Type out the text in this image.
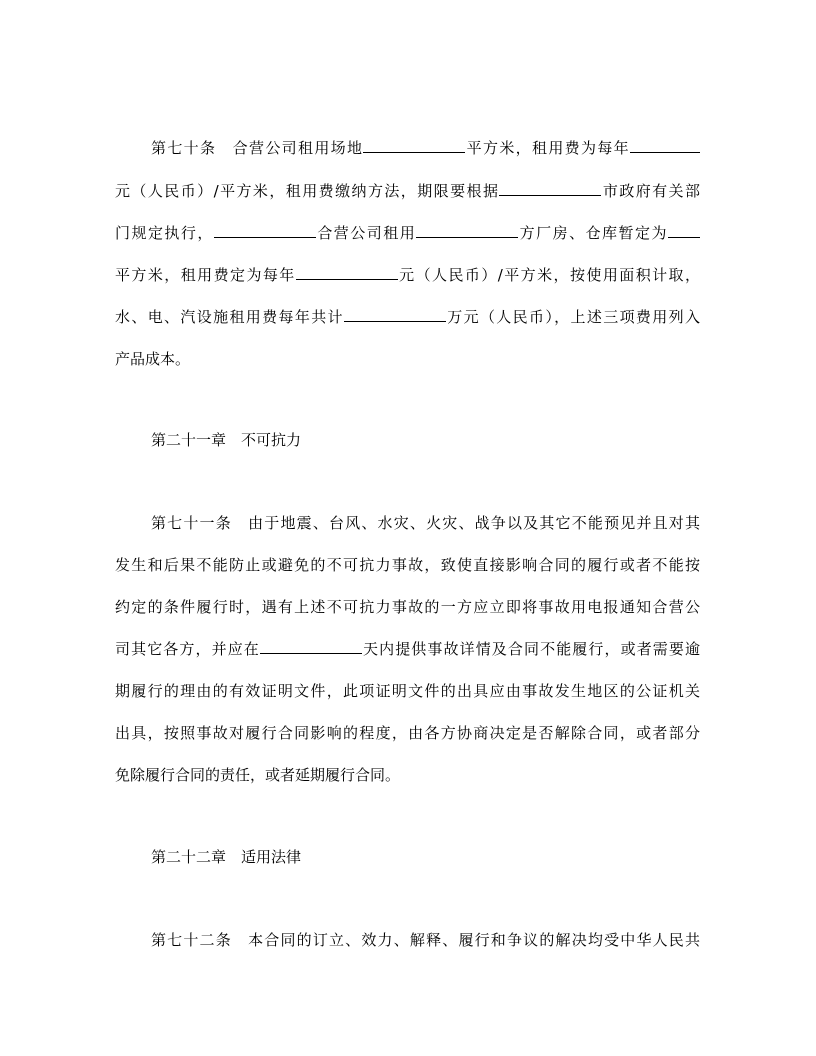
第七十条　合营公司租用场地	平方米，租用费为每年
元（人民币）/平方米，租用费缴纳方法，期限要根据	市政府有关部
门规定执行，	合营公司租用	方厂房、仓库暂定为
平方米，租用费定为每年	元（人民币）/平方米，按使用面积计取，
水、电、汽设施租用费每年共计	万元（人民币），上述三项费用列入
产品成本。
第二十一章　不可抗力
第七十一条　由于地震、台风、水灾、火灾、战争以及其它不能预见并且对其
发生和后果不能防止或避免的不可抗力事故，致使直接影响合同的履行或者不能按
约定的条件履行时，遇有上述不可抗力事故的一方应立即将事故用电报通知合营公
司其它各方，并应在	天内提供事故详情及合同不能履行，或者需要逾
期履行的理由的有效证明文件，此项证明文件的出具应由事故发生地区的公证机关
出具，按照事故对履行合同影响的程度，由各方协商决定是否解除合同，或者部分
免除履行合同的责任，或者延期履行合同。
第二十二章　适用法律
第七十二条　本合同的订立、效力、解释、履行和争议的解决均受中华人民共
